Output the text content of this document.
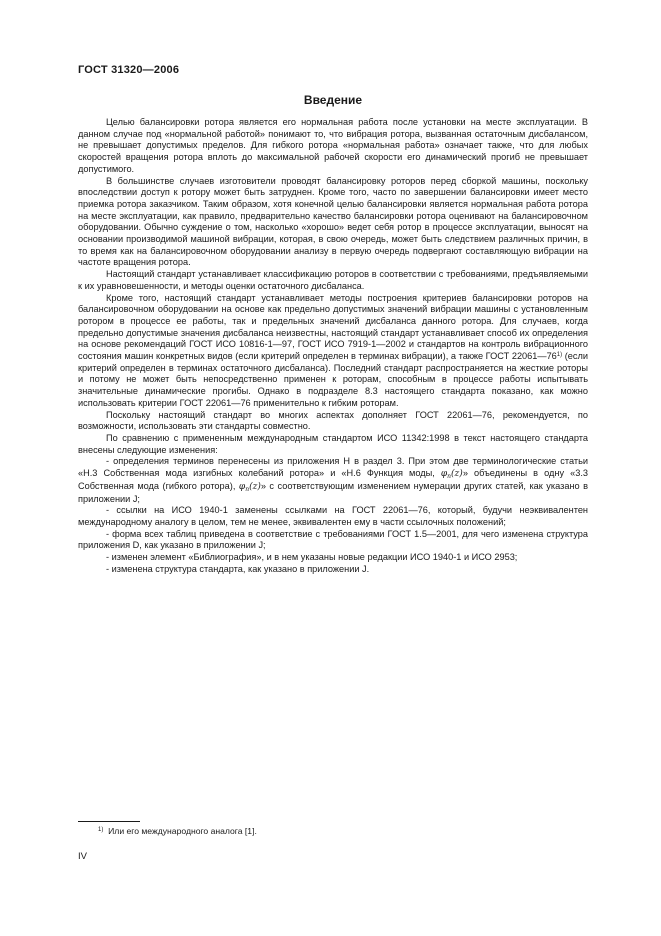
ГОСТ 31320—2006
Введение

Целью балансировки ротора является его нормальная работа после установки на месте эксплуатации. В данном случае под «нормальной работой» понимают то, что вибрация ротора, вызванная остаточным дисбалансом, не превышает допустимых пределов. Для гибкого ротора «нормальная работа» означает также, что для любых скоростей вращения ротора вплоть до максимальной рабочей скорости его динамический прогиб не превышает допустимого.

В большинстве случаев изготовители проводят балансировку роторов перед сборкой машины, поскольку впоследствии доступ к ротору может быть затруднен. Кроме того, часто по завершении балансировки имеет место приемка ротора заказчиком. Таким образом, хотя конечной целью балансировки является нормальная работа ротора на месте эксплуатации, как правило, предварительно качество балансировки ротора оценивают на балансировочном оборудовании. Обычно суждение о том, насколько «хорошо» ведет себя ротор в процессе эксплуатации, выносят на основании производимой машиной вибрации, которая, в свою очередь, может быть следствием различных причин, в то время как на балансировочном оборудовании анализу в первую очередь подвергают составляющую вибрации на частоте вращения ротора.

Настоящий стандарт устанавливает классификацию роторов в соответствии с требованиями, предъявляемыми к их уравновешенности, и методы оценки остаточного дисбаланса.

Кроме того, настоящий стандарт устанавливает методы построения критериев балансировки роторов на балансировочном оборудовании на основе как предельно допустимых значений вибрации машины с установленным ротором в процессе ее работы, так и предельных значений дисбаланса данного ротора. Для случаев, когда предельно допустимые значения дисбаланса неизвестны, настоящий стандарт устанавливает способ их определения на основе рекомендаций ГОСТ ИСО 10816-1—97, ГОСТ ИСО 7919-1—2002 и стандартов на контроль вибрационного состояния машин конкретных видов (если критерий определен в терминах вибрации), а также ГОСТ 22061—76$^{1)}$ (если критерий определен в терминах остаточного дисбаланса). Последний стандарт распространяется на жесткие роторы и потому не может быть непосредственно применен к роторам, способным в процессе работы испытывать значительные динамические прогибы. Однако в подразделе 8.3 настоящего стандарта показано, как можно использовать критерии ГОСТ 22061—76 применительно к гибким роторам.

Поскольку настоящий стандарт во многих аспектах дополняет ГОСТ 22061—76, рекомендуется, по возможности, использовать эти стандарты совместно.

По сравнению с примененным международным стандартом ИСО 11342:1998 в текст настоящего стандарта внесены следующие изменения:

- определения терминов перенесены из приложения Н в раздел 3. При этом две терминологические статьи «Н.3 Собственная мода изгибных колебаний ротора» и «Н.6 Функция моды, $\varphi_n(z)$» объединены в одну «3.3 Собственная мода (гибкого ротора), $\varphi_n(z)$» с соответствующим изменением нумерации других статей, как указано в приложении J;

- ссылки на ИСО 1940-1 заменены ссылками на ГОСТ 22061—76, который, будучи неэквивалентен международному аналогу в целом, тем не менее, эквивалентен ему в части ссылочных положений;

- форма всех таблиц приведена в соответствие с требованиями ГОСТ 1.5—2001, для чего изменена структура приложения D, как указано в приложении J;

- изменен элемент «Библиография», и в нем указаны новые редакции ИСО 1940-1 и ИСО 2953;

- изменена структура стандарта, как указано в приложении J.

$^{1)}$ Или его международного аналога [1].
IV
